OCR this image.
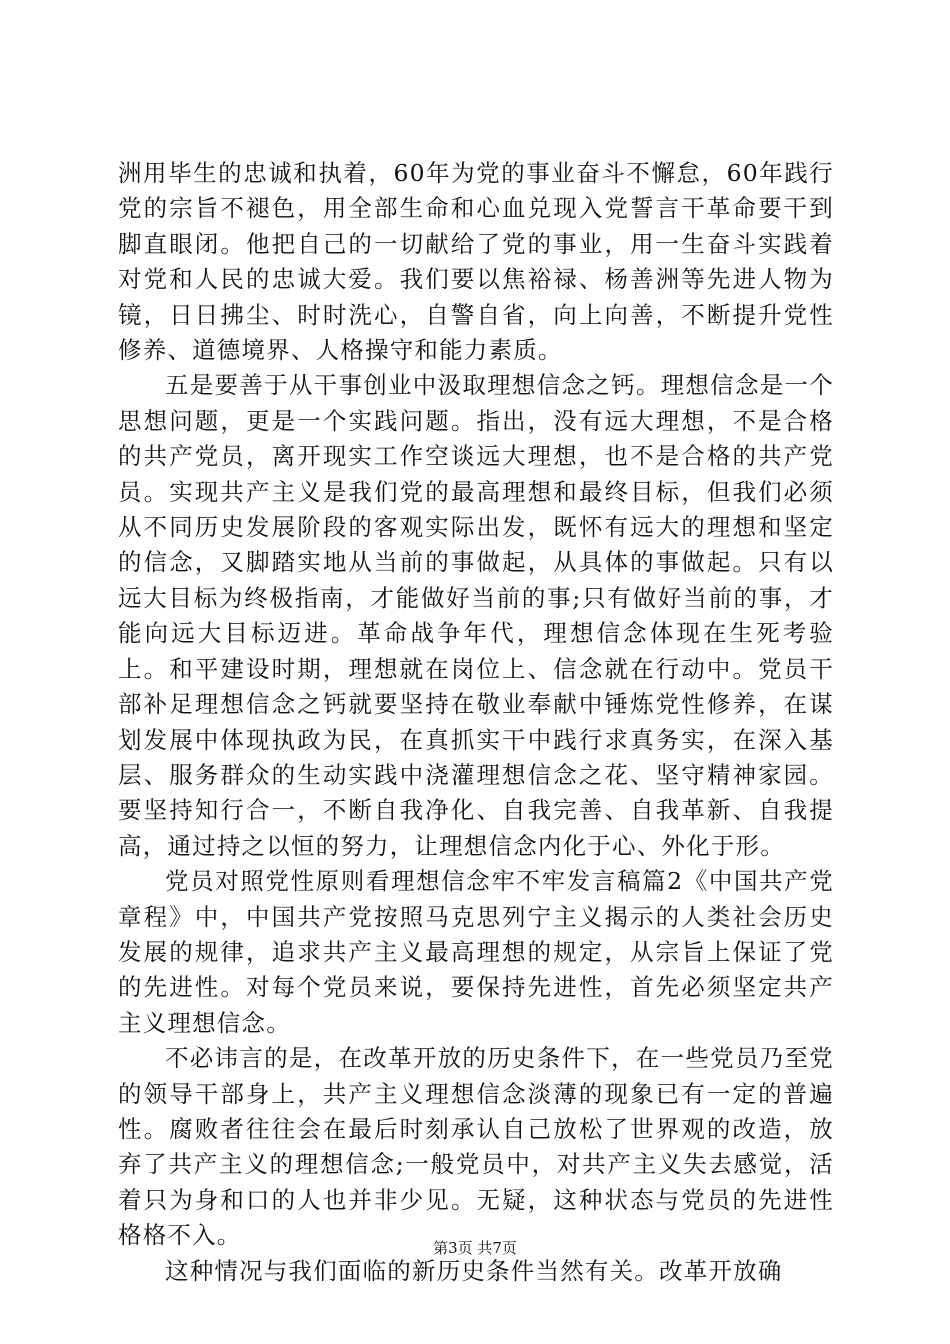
洲用毕生的忠诚和执着，60年为党的事业奋斗不懈怠，60年践行党的宗旨不褪色，用全部生命和心血兑现入党誓言干革命要干到脚直眼闭。他把自己的一切献给了党的事业，用一生奋斗实践着对党和人民的忠诚大爱。我们要以焦裕禄、杨善洲等先进人物为镜，日日拂尘、时时洗心，自警自省，向上向善，不断提升党性修养、道德境界、人格操守和能力素质。

五是要善于从干事创业中汲取理想信念之钙。理想信念是一个思想问题，更是一个实践问题。指出，没有远大理想，不是合格的共产党员，离开现实工作空谈远大理想，也不是合格的共产党员。实现共产主义是我们党的最高理想和最终目标，但我们必须从不同历史发展阶段的客观实际出发，既怀有远大的理想和坚定的信念，又脚踏实地从当前的事做起，从具体的事做起。只有以远大目标为终极指南，才能做好当前的事;只有做好当前的事，才能向远大目标迈进。革命战争年代，理想信念体现在生死考验上。和平建设时期，理想就在岗位上、信念就在行动中。党员干部补足理想信念之钙就要坚持在敬业奉献中锤炼党性修养，在谋划发展中体现执政为民，在真抓实干中践行求真务实，在深入基层、服务群众的生动实践中浇灌理想信念之花、坚守精神家园。要坚持知行合一，不断自我净化、自我完善、自我革新、自我提高，通过持之以恒的努力，让理想信念内化于心、外化于形。

党员对照党性原则看理想信念牢不牢发言稿篇2《中国共产党章程》中，中国共产党按照马克思列宁主义揭示的人类社会历史发展的规律，追求共产主义最高理想的规定，从宗旨上保证了党的先进性。对每个党员来说，要保持先进性，首先必须坚定共产主义理想信念。

不必讳言的是，在改革开放的历史条件下，在一些党员乃至党的领导干部身上，共产主义理想信念淡薄的现象已有一定的普遍性。腐败者往往会在最后时刻承认自己放松了世界观的改造，放弃了共产主义的理想信念;一般党员中，对共产主义失去感觉，活着只为身和口的人也并非少见。无疑，这种状态与党员的先进性格格不入。

这种情况与我们面临的新历史条件当然有关。改革开放确

第3页 共7页
